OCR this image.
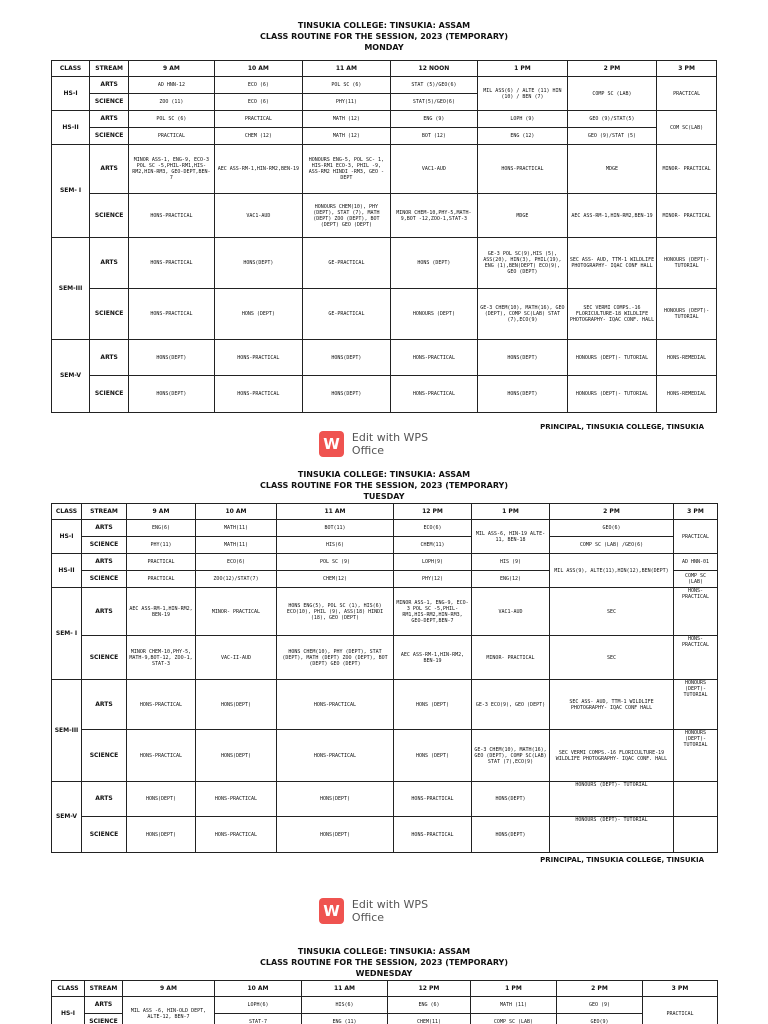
TINSUKIA COLLEGE: TINSUKIA: ASSAM
CLASS ROUTINE FOR THE SESSION, 2023 (TEMPORARY)
MONDAY
CLASS	STREAM	9 AM	10 AM	11 AM	12 NOON	1 PM	2 PM	3 PM
HS-I	ARTS	AD HNN-12	ECO (6)	POL SC (6)	STAT (5)/GEO(6)	MIL ASS(6) / ALTE (11) HIN (10) / BEN (7)	COMP SC (LAB)	PRACTICAL
	SCIENCE	ZOO (11)	ECO (6)	PHY(11)	STAT(5)/GEO(6)			
HS-II	ARTS	POL SC (6)	PRACTICAL	MATH (12)	ENG (9)	LOPH (9)	GEO (9)/STAT(5)	COM SC(LAB)
	SCIENCE	PRACTICAL	CHEM (12)	MATH (12)	BOT (12)	ENG (12)	GEO (9)/STAT (5)	
SEM- I	ARTS	MINOR ASS-1, ENG-9, ECO-3 POL SC -5,PHIL-RM1,HIS-RM2,HIN-RM3, GEO-DEPT,BEN-7	AEC ASS-RM-1,HIN-RM2,BEN-19	HONOURS ENG-5, POL SC- 1, HIS-RM1 ECO-3, PHIL -9, ASS-RM2 HINDI -RM3, GEO -DEPT	VAC1-AUD	HONS-PRACTICAL	MDGE	MINOR- PRACTICAL
	SCIENCE	HONS-PRACTICAL	VAC1-AUD	HONOURS CHEM(10), PHY (DEPT), STAT (7), MATH (DEPT) ZOO (DEPT), BOT (DEPT) GEO (DEPT)	MINOR CHEM-10,PHY-5,MATH-9,BOT -12,ZOO-1,STAT-3	MDGE	AEC ASS-RM-1,HIN-RM2,BEN-19	MINOR- PRACTICAL
SEM-III	ARTS	HONS-PRACTICAL	HONS(DEPT)	GE-PRACTICAL	HONS (DEPT)	GE-3 POL SC(9),HIS (5), ASS(20), HIN(3), PHIL(19), ENG (1),BEN(DEPT) ECO(9), GEO (DEPT)	SEC ASS- AUD, TTM-1 WILDLIFE PHOTOGRAPHY- IQAC CONF HALL	HONOURS (DEPT)- TUTORIAL
	SCIENCE	HONS-PRACTICAL	HONS (DEPT)	GE-PRACTICAL	HONOURS (DEPT)	GE-3 CHEM(10), MATH(16), GEO (DEPT), COMP SC(LAB) STAT (7),ECO(9)	SEC VERMI COMPS.-16 FLORICULTURE-18 WILDLIFE PHOTOGRAPHY- IQAC CONF. HALL	HONOURS (DEPT)- TUTORIAL
SEM-V	ARTS	HONS(DEPT)	HONS-PRACTICAL	HONS(DEPT)	HONS-PRACTICAL	HONS(DEPT)	HONOURS (DEPT)- TUTORIAL	HONS-REMEDIAL
	SCIENCE	HONS(DEPT)	HONS-PRACTICAL	HONS(DEPT)	HONS-PRACTICAL	HONS(DEPT)	HONOURS (DEPT)- TUTORIAL	HONS-REMEDIAL
PRINCIPAL, TINSUKIA COLLEGE, TINSUKIA
W	Edit with WPS Office
TINSUKIA COLLEGE: TINSUKIA: ASSAM
CLASS ROUTINE FOR THE SESSION, 2023 (TEMPORARY)
TUESDAY
CLASS	STREAM	9 AM	10 AM	11 AM	12 PM	1 PM	2 PM	3 PM
HS-I	ARTS	ENG(6)	MATH(11)	BOT(11)	ECO(6)	MIL ASS-6, HIN-19 ALTE-11, BEN-18	GEO(6)	PRACTICAL
	SCIENCE	PHY(11)	MATH(11)	HIS(6)	CHEM(11)		COMP SC (LAB) /GEO(6)	
HS-II	ARTS	PRACTICAL	ECO(6)	POL SC (9)	LOPH(9)	HIS (9)	MIL ASS(9), ALTE(11),HIN(12),BEN(DEPT)	AD HNN-01
	SCIENCE	PRACTICAL	ZOO(12)/STAT(7)	CHEM(12)	PHY(12)	ENG(12)		COMP SC (LAB)
SEM- I	ARTS	AEC ASS-RM-1,HIN-RM2, BEN-19	MINOR- PRACTICAL	HONS ENG(5), POL SC (1), HIS(6) ECO(10), PHIL (9), ASS(18) HINDI (18), GEO (DEPT)	MINOR ASS-1, ENG-9, ECO-3 POL SC -5,PHIL-RM1,HIS-RM2,HIN-RM3, GEO-DEPT,BEN-7	VAC1-AUD	SEC	HONS-PRACTICAL
	SCIENCE	MINOR CHEM-10,PHY-5, MATH-9,BOT-12, ZOO-1, STAT-3	VAC-II-AUD	HONS CHEM(10), PHY (DEPT), STAT (DEPT), MATH (DEPT) ZOO (DEPT), BOT (DEPT) GEO (DEPT)	AEC ASS-RM-1,HIN-RM2, BEN-19	MINOR- PRACTICAL	SEC	HONS-PRACTICAL
SEM-III	ARTS	HONS-PRACTICAL	HONS(DEPT)	HONS-PRACTICAL	HONS (DEPT)	GE-3 ECO(9), GEO (DEPT)	SEC ASS- AUD, TTM-1 WILDLIFE PHOTOGRAPHY- IQAC CONF HALL	HONOURS (DEPT)- TUTORIAL
	SCIENCE	HONS-PRACTICAL	HONS(DEPT)	HONS-PRACTICAL	HONS (DEPT)	GE-3 CHEM(10), MATH(16), GEO (DEPT), COMP SC(LAB) STAT (7),ECO(9)	SEC VERMI COMPS.-16 FLORICULTURE-19 WILDLIFE PHOTOGRAPHY- IQAC CONF. HALL	HONOURS (DEPT)- TUTORIAL
SEM-V	ARTS	HONS(DEPT)	HONS-PRACTICAL	HONS(DEPT)	HONS-PRACTICAL	HONS(DEPT)	HONOURS (DEPT)- TUTORIAL	
	SCIENCE	HONS(DEPT)	HONS-PRACTICAL	HONS(DEPT)	HONS-PRACTICAL	HONS(DEPT)	HONOURS (DEPT)- TUTORIAL	
PRINCIPAL, TINSUKIA COLLEGE, TINSUKIA
W	Edit with WPS Office
TINSUKIA COLLEGE: TINSUKIA: ASSAM
CLASS ROUTINE FOR THE SESSION, 2023 (TEMPORARY)
WEDNESDAY
CLASS	STREAM	9 AM	10 AM	11 AM	12 PM	1 PM	2 PM	3 PM
HS-I	ARTS	MIL ASS -6, HIN-OLD DEPT, ALTE-12, BEN-7	LOPH(6)	HIS(6)	ENG (6)	MATH (11)	GEO (9)	PRACTICAL
	SCIENCE		STAT-7	ENG (11)	CHEM(11)	COMP SC (LAB)	GEO(9)	
